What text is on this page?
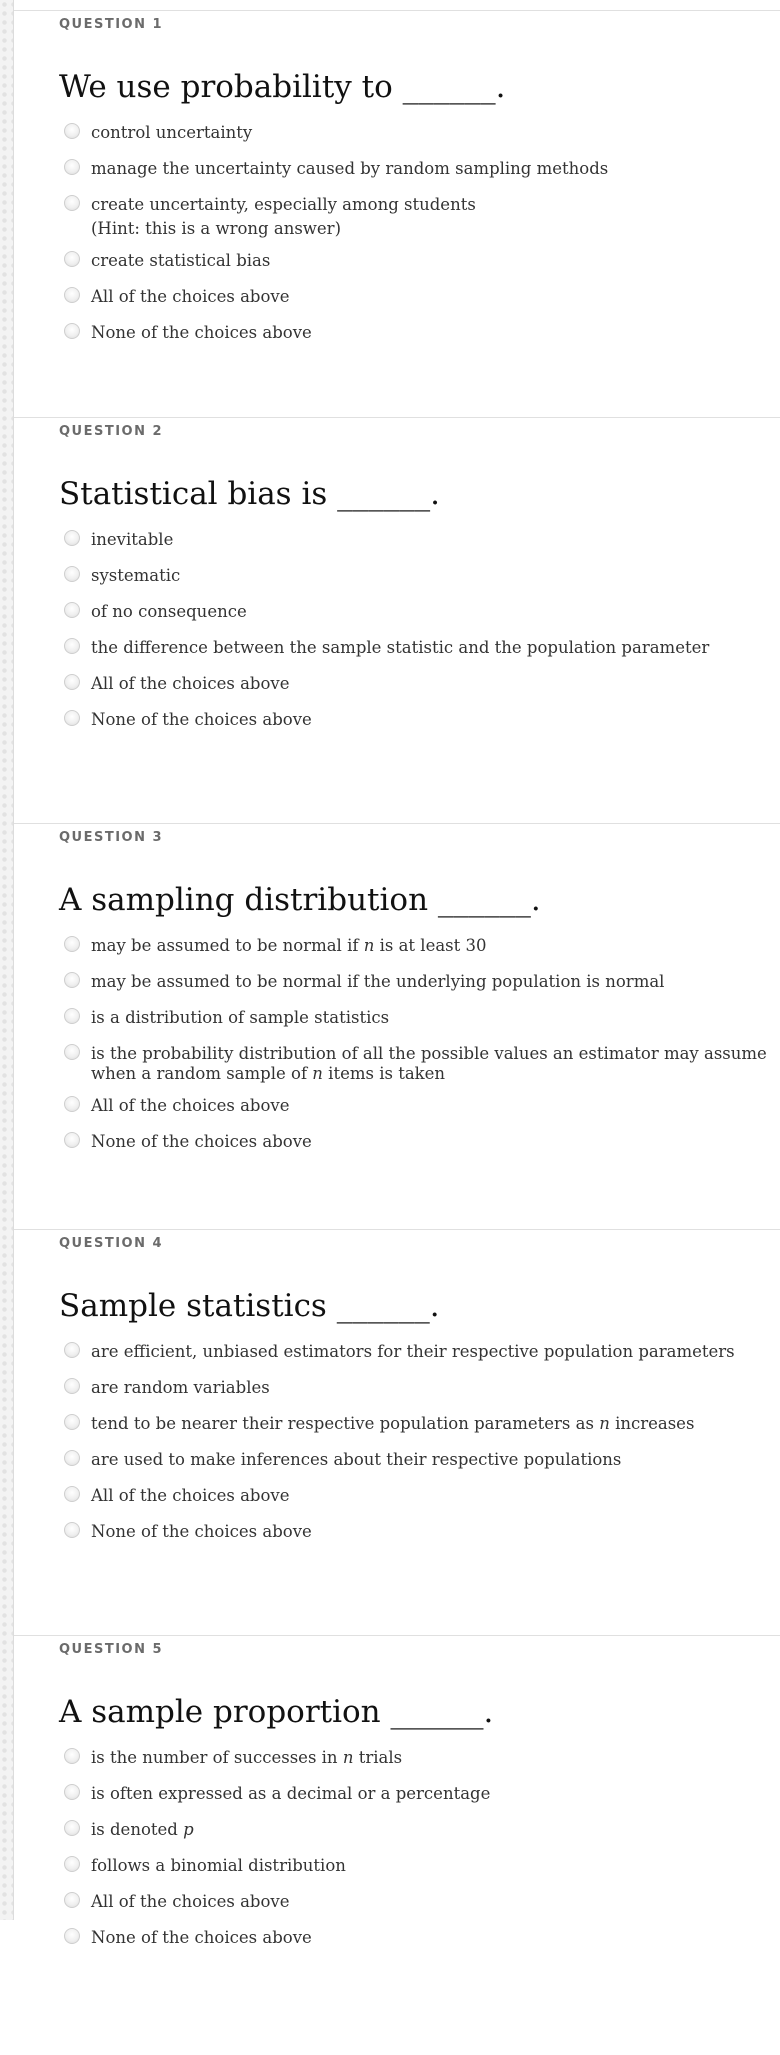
QUESTION 1
We use probability to ______.
control uncertainty
manage the uncertainty caused by random sampling methods
create uncertainty, especially among students
(Hint: this is a wrong answer)
create statistical bias
All of the choices above
None of the choices above
QUESTION 2
Statistical bias is ______.
inevitable
systematic
of no consequence
the difference between the sample statistic and the population parameter
All of the choices above
None of the choices above
QUESTION 3
A sampling distribution ______.
may be assumed to be normal if n is at least 30
may be assumed to be normal if the underlying population is normal
is a distribution of sample statistics
is the probability distribution of all the possible values an estimator may assume
when a random sample of n items is taken
All of the choices above
None of the choices above
QUESTION 4
Sample statistics ______.
are efficient, unbiased estimators for their respective population parameters
are random variables
tend to be nearer their respective population parameters as n increases
are used to make inferences about their respective populations
All of the choices above
None of the choices above
QUESTION 5
A sample proportion ______.
is the number of successes in n trials
is often expressed as a decimal or a percentage
is denoted p
follows a binomial distribution
All of the choices above
None of the choices above
